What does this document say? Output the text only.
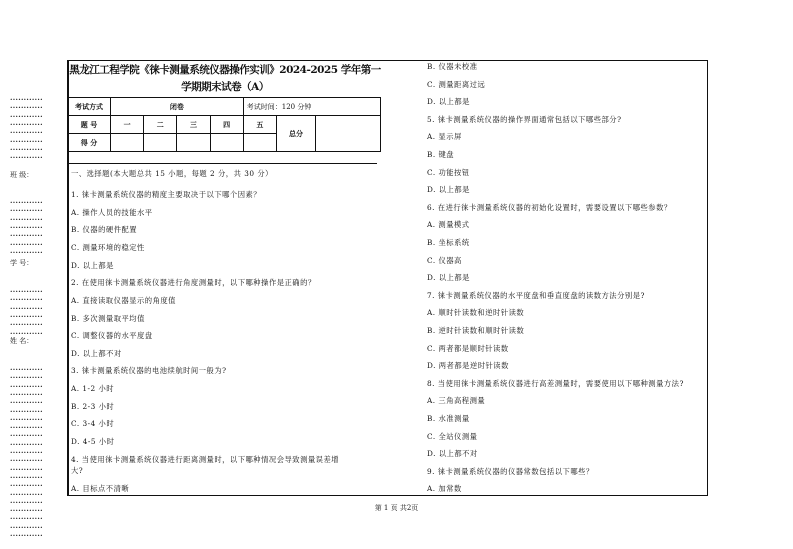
黑龙江工程学院《徕卡测量系统仪器操作实训》2024-2025 学年第一
学期期末试卷（A）
考试方式	闭卷				考试时间：120 分钟		
题 号	一	二	三	四	五	总分	
得 分							
一、选择题(本大题总共 15 小题，每题 2 分，共 30 分）
1. 徕卡测量系统仪器的精度主要取决于以下哪个因素？
A. 操作人员的技能水平
B. 仪器的硬件配置
C. 测量环境的稳定性
D. 以上都是
2. 在使用徕卡测量系统仪器进行角度测量时，以下哪种操作是正确的？
A. 直接读取仪器显示的角度值
B. 多次测量取平均值
C. 调整仪器的水平度盘
D. 以上都不对
3. 徕卡测量系统仪器的电池续航时间一般为?
A. 1-2 小时
B. 2-3 小时
C. 3-4 小时
D. 4-5 小时
4. 当使用徕卡测量系统仪器进行距离测量时，以下哪种情况会导致测量误差增
大?
A. 目标点不清晰
B. 仪器未校准
C. 测量距离过远
D. 以上都是
5. 徕卡测量系统仪器的操作界面通常包括以下哪些部分?
A. 显示屏
B. 键盘
C. 功能按钮
D. 以上都是
6. 在进行徕卡测量系统仪器的初始化设置时，需要设置以下哪些参数？
A. 测量模式
B. 坐标系统
C. 仪器高
D. 以上都是
7. 徕卡测量系统仪器的水平度盘和垂直度盘的读数方法分别是?
A. 顺时针读数和逆时针读数
B. 逆时针读数和顺时针读数
C. 两者都是顺时针读数
D. 两者都是逆时针读数
8. 当使用徕卡测量系统仪器进行高差测量时，需要使用以下哪种测量方法?
A. 三角高程测量
B. 水准测量
C. 全站仪测量
D. 以上都不对
9. 徕卡测量系统仪器的仪器常数包括以下哪些？
A. 加常数
班 级：
学 号：
姓 名：
············
············
············
············
············
············
············
············
············
············
············
············
············
············
············
············
············
············
············
············
············
············
············
············
············
············
············
············
············
············
············
············
············
············
············
············
············
············
············
············
············
············
第 1 页 共2页
